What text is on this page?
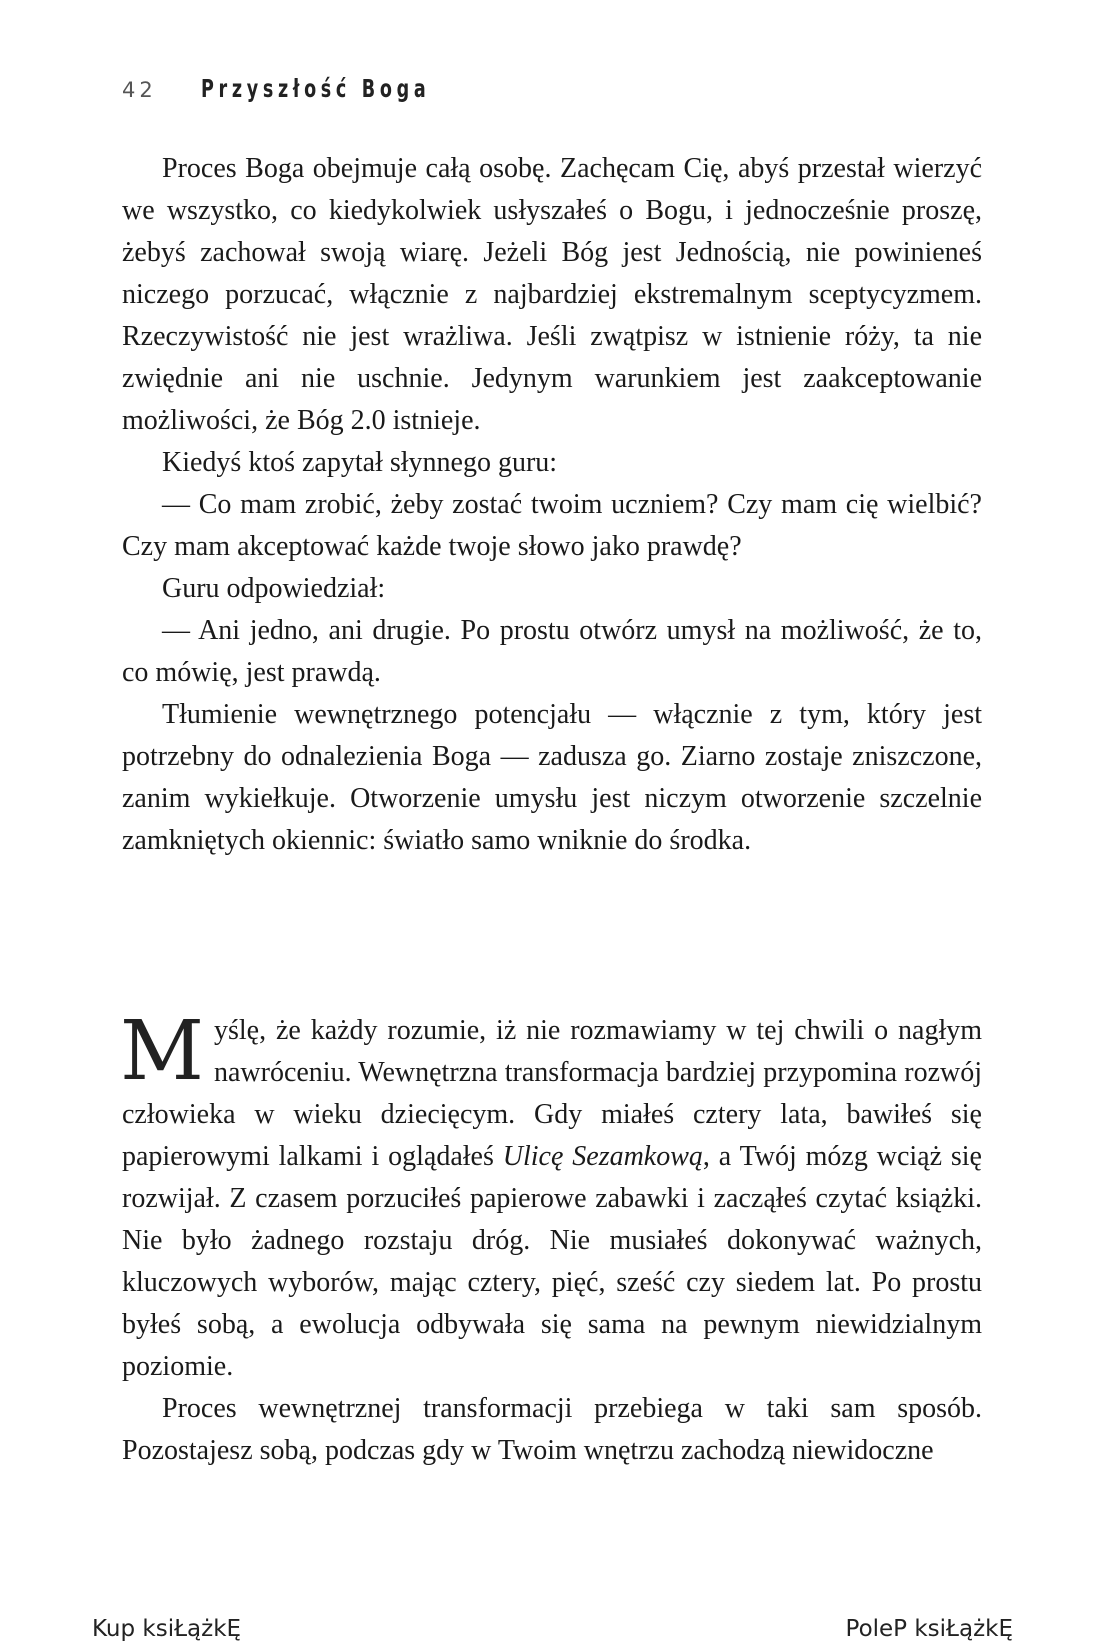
42 Przyszłość Boga

Proces Boga obejmuje całą osobę. Zachęcam Cię, abyś przestał wierzyć we wszystko, co kiedykolwiek usłyszałeś o Bogu, i jednocześnie proszę, żebyś zachował swoją wiarę. Jeżeli Bóg jest Jednością, nie powinieneś niczego porzucać, włącznie z najbardziej ekstremalnym sceptycyzmem. Rzeczywistość nie jest wrażliwa. Jeśli zwątpisz w istnienie róży, ta nie zwiędnie ani nie uschnie. Jedynym warunkiem jest zaakceptowanie możliwości, że Bóg 2.0 istnieje.

Kiedyś ktoś zapytał słynnego guru:

— Co mam zrobić, żeby zostać twoim uczniem? Czy mam cię wielbić? Czy mam akceptować każde twoje słowo jako prawdę?

Guru odpowiedział:

— Ani jedno, ani drugie. Po prostu otwórz umysł na możliwość, że to, co mówię, jest prawdą.

Tłumienie wewnętrznego potencjału — włącznie z tym, który jest potrzebny do odnalezienia Boga — zadusza go. Ziarno zostaje zniszczone, zanim wykiełkuje. Otworzenie umysłu jest niczym otworzenie szczelnie zamkniętych okiennic: światło samo wniknie do środka.

Myślę, że każdy rozumie, iż nie rozmawiamy w tej chwili o nagłym nawróceniu. Wewnętrzna transformacja bardziej przypomina rozwój człowieka w wieku dziecięcym. Gdy miałeś cztery lata, bawiłeś się papierowymi lalkami i oglądałeś Ulicę Sezamkową, a Twój mózg wciąż się rozwijał. Z czasem porzuciłeś papierowe zabawki i zacząłeś czytać książki. Nie było żadnego rozstaju dróg. Nie musiałeś dokonywać ważnych, kluczowych wyborów, mając cztery, pięć, sześć czy siedem lat. Po prostu byłeś sobą, a ewolucja odbywała się sama na pewnym niewidzialnym poziomie.

Proces wewnętrznej transformacji przebiega w taki sam sposób. Pozostajesz sobą, podczas gdy w Twoim wnętrzu zachodzą niewidoczne

Kup ksiŁążkĘ	PoleP ksiŁążkĘ
